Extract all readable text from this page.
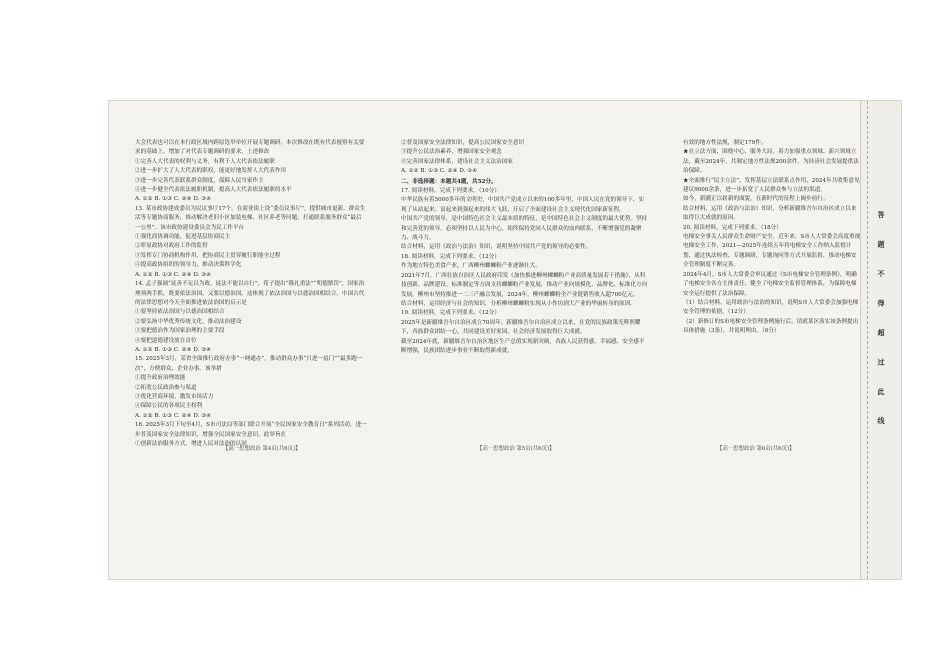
大会代表也可以在本行政区域内跨原选举单位开展专题调研。本次修改在既有代表视察有关要求的基础上，增加了对代表专题调研的要求。上述修改

①完善人大代表的权利与义务，有利于人大代表依法履职

②进一步扩大了人大代表的职权，能更好地发挥人大代表作用

③进一步完善代表联系群众制度，保障人民当家作主

④进一步健全代表依法履职机制，提高人大代表依法履职的水平

A. ①② B. ①③ C. ②④ D. ③④

13. 某市政协建成委员为民议事厅17个。在商业街上设“委员议事厅”，提供城市更新、群众生活等专题协商服务，推动解决老旧小区加装电梯、社区养老等问题，打通联系服务群众“最后一公里”。该市政协建设委员会为民工作平台

①强化商协调功能，促进基层协商民主

②彰显政协对政府工作的监督

③发挥专门协商机构作用，把协商民主贯穿履行职能全过程

④提高政协组织的领导力，推动决策科学化

A. ①② B. ①③ C. ②④ D. ③④

14. 孟子强调“徒善不足以为政，徒法不能以自行”，荀子提出“隆礼重法”“明德慎罚”，国家治理须两手抓，既要依法治国，又要以德治国。这体现了依法治国与以德治国相结合。中国古代的法律思想对今天全面推进依法治国的启示是

①要坚持依法治国与以德治国相结合

②要弘扬中华优秀传统文化，推动法治建设

③要把德治作为国家治理的主要手段

④要把道德建设放在首位

A. ①② B. ①③ C. ②④ D. ③④

15. 2025年3月，某省全面推行政府办事“一网通办”，推动群众办事“只进一扇门”“最多跑一次”，方便群众、企业办事。该举措

①提升政府治理效能

②拓宽公民政治参与渠道

③优化营商环境，激发市场活力

④保障公民的各项民主权利

A. ①② B. ①③ C. ②④ D. ③④

16. 2025年3月下旬至4月，S市司法局等部门联合开展“全民国家安全教育日”系列活动，进一步普及国家安全法律知识，增强全民国家安全意识。此举旨在

①创新法治服务方式，增进人民对法治的认同

②普及国家安全法律知识，提高公民国家安全意识

③提升公民法治素养，增强国家安全观念

④完善国家法律体系，建设社会主义法治国家

A. ①② B. ①③ C. ②④ D. ③④

二、非选择题：本题共4题，共52分。

17. 阅读材料，完成下列要求。（10分）

中华民族有着5000多年的文明史，中国共产党成立以来的100多年里，中国人民在党的领导下，实现了从站起来、富起来到强起来的伟大飞跃，开启了全面建设社会主义现代化国家新征程。

中国共产党的领导，是中国特色社会主义最本质的特征，是中国特色社会主义制度的最大优势。坚持和完善党的领导，必须坚持以人民为中心，始终保持党同人民群众的血肉联系，不断增强党的凝聚力、战斗力。

结合材料，运用《政治与法治》知识，说明坚持中国共产党的领导的必要性。

18. 阅读材料，完成下列要求。（12分）

作为地方特色美食产业，广西柳州螺蛳粉产业逐渐壮大。

2021年7月，广西壮族自治区人民政府印发《加快推进柳州螺蛳粉产业高质量发展若干措施》，从科技创新、品牌建设、标准制定等方面支持螺蛳粉产业发展，推动产业向规模化、品牌化、标准化方向发展。柳州市坚持推进一二三产融合发展，2024年，柳州螺蛳粉全产业链销售收入超700亿元。

结合材料，运用经济与社会的知识，分析柳州螺蛳粉实现从小作坊到大产业的华丽转身的原因。

19. 阅读材料，完成下列要求。（12分）

2025年是新疆维吾尔自治区成立70周年。新疆维吾尔自治区成立以来，在党的民族政策光辉照耀下，各族群众团结一心，共同建设美好家园，社会经济发展取得巨大成就。

截至2024年底，新疆维吾尔自治区地区生产总值实现新突破，各族人民获得感、幸福感、安全感不断增强，民族团结进步事业不断取得新成就。

有效的地方性法规，制定179件。

★在立法方面，围绕中心、服务大局，着力加强重点领域、新兴领域立法，截至2024年，共制定地方性法规200余件，为经济社会发展提供法治保障。

★全面推行“民主立法”，发挥基层立法联系点作用，2024年共收集意见建议9000余条，进一步拓宽了人民群众参与立法的渠道。

如今，新疆正以崭新的面貌，在新时代的征程上阔步前行。

结合材料，运用《政治与法治》知识，分析新疆维吾尔自治区成立以来取得巨大成就的原因。

20. 阅读材料，完成下列要求。（18分）

电梯安全事关人民群众生命财产安全。近年来，S市人大常委会高度重视电梯安全工作，2021—2025年连续五年将电梯安全工作纳入监督计划，通过执法检查、专题调研、专题询问等方式开展监督，推动电梯安全管理制度不断完善。

2024年4月，S市人大常委会审议通过《S市电梯安全管理条例》，明确了电梯安全各方主体责任，健全了电梯安全监督管理体系，为保障电梯安全运行提供了法治保障。

（1）结合材料，运用政治与法治的知识，说明S市人大常委会加强电梯安全管理的依据。（12分）

（2）新修订的S市电梯安全管理条例施行后，请就某区落实该条例提出具体措施（3条），并说明理由。（6分）

【高一思想政治 第4页(共6页)】	【高一思想政治 第5页(共6页)】	【高一思想政治 第6页(共6页)】
答 题 不 得 超 过 此 线
